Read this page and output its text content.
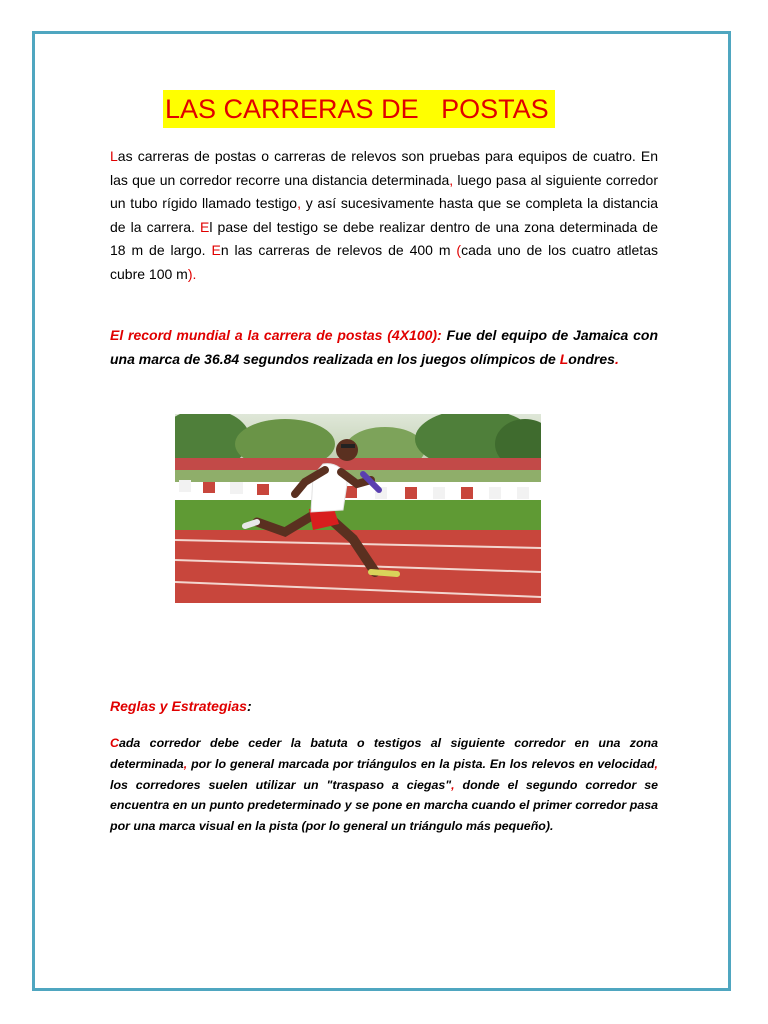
LAS CARRERAS DE   POSTAS

Las carreras de postas o carreras de relevos son pruebas para equipos de cuatro. En las que un corredor recorre una distancia determinada, luego pasa al siguiente corredor un tubo rígido llamado testigo, y así sucesivamente hasta que se completa la distancia de la carrera. El pase del testigo se debe realizar dentro de una zona determinada de 18 m de largo. En las carreras de relevos de 400 m (cada uno de los cuatro atletas cubre 100 m).

El record mundial a la carrera de postas (4X100): Fue del equipo de Jamaica con una marca de 36.84 segundos realizada en los juegos olímpicos de Londres.

Reglas y Estrategias:

Cada corredor debe ceder la batuta o testigos al siguiente corredor en una zona determinada, por lo general marcada por triángulos en la pista. En los relevos en velocidad, los corredores suelen utilizar un "traspaso a ciegas", donde el segundo corredor se encuentra en un punto predeterminado y se pone en marcha cuando el primer corredor pasa por una marca visual en la pista (por lo general un triángulo más pequeño).
